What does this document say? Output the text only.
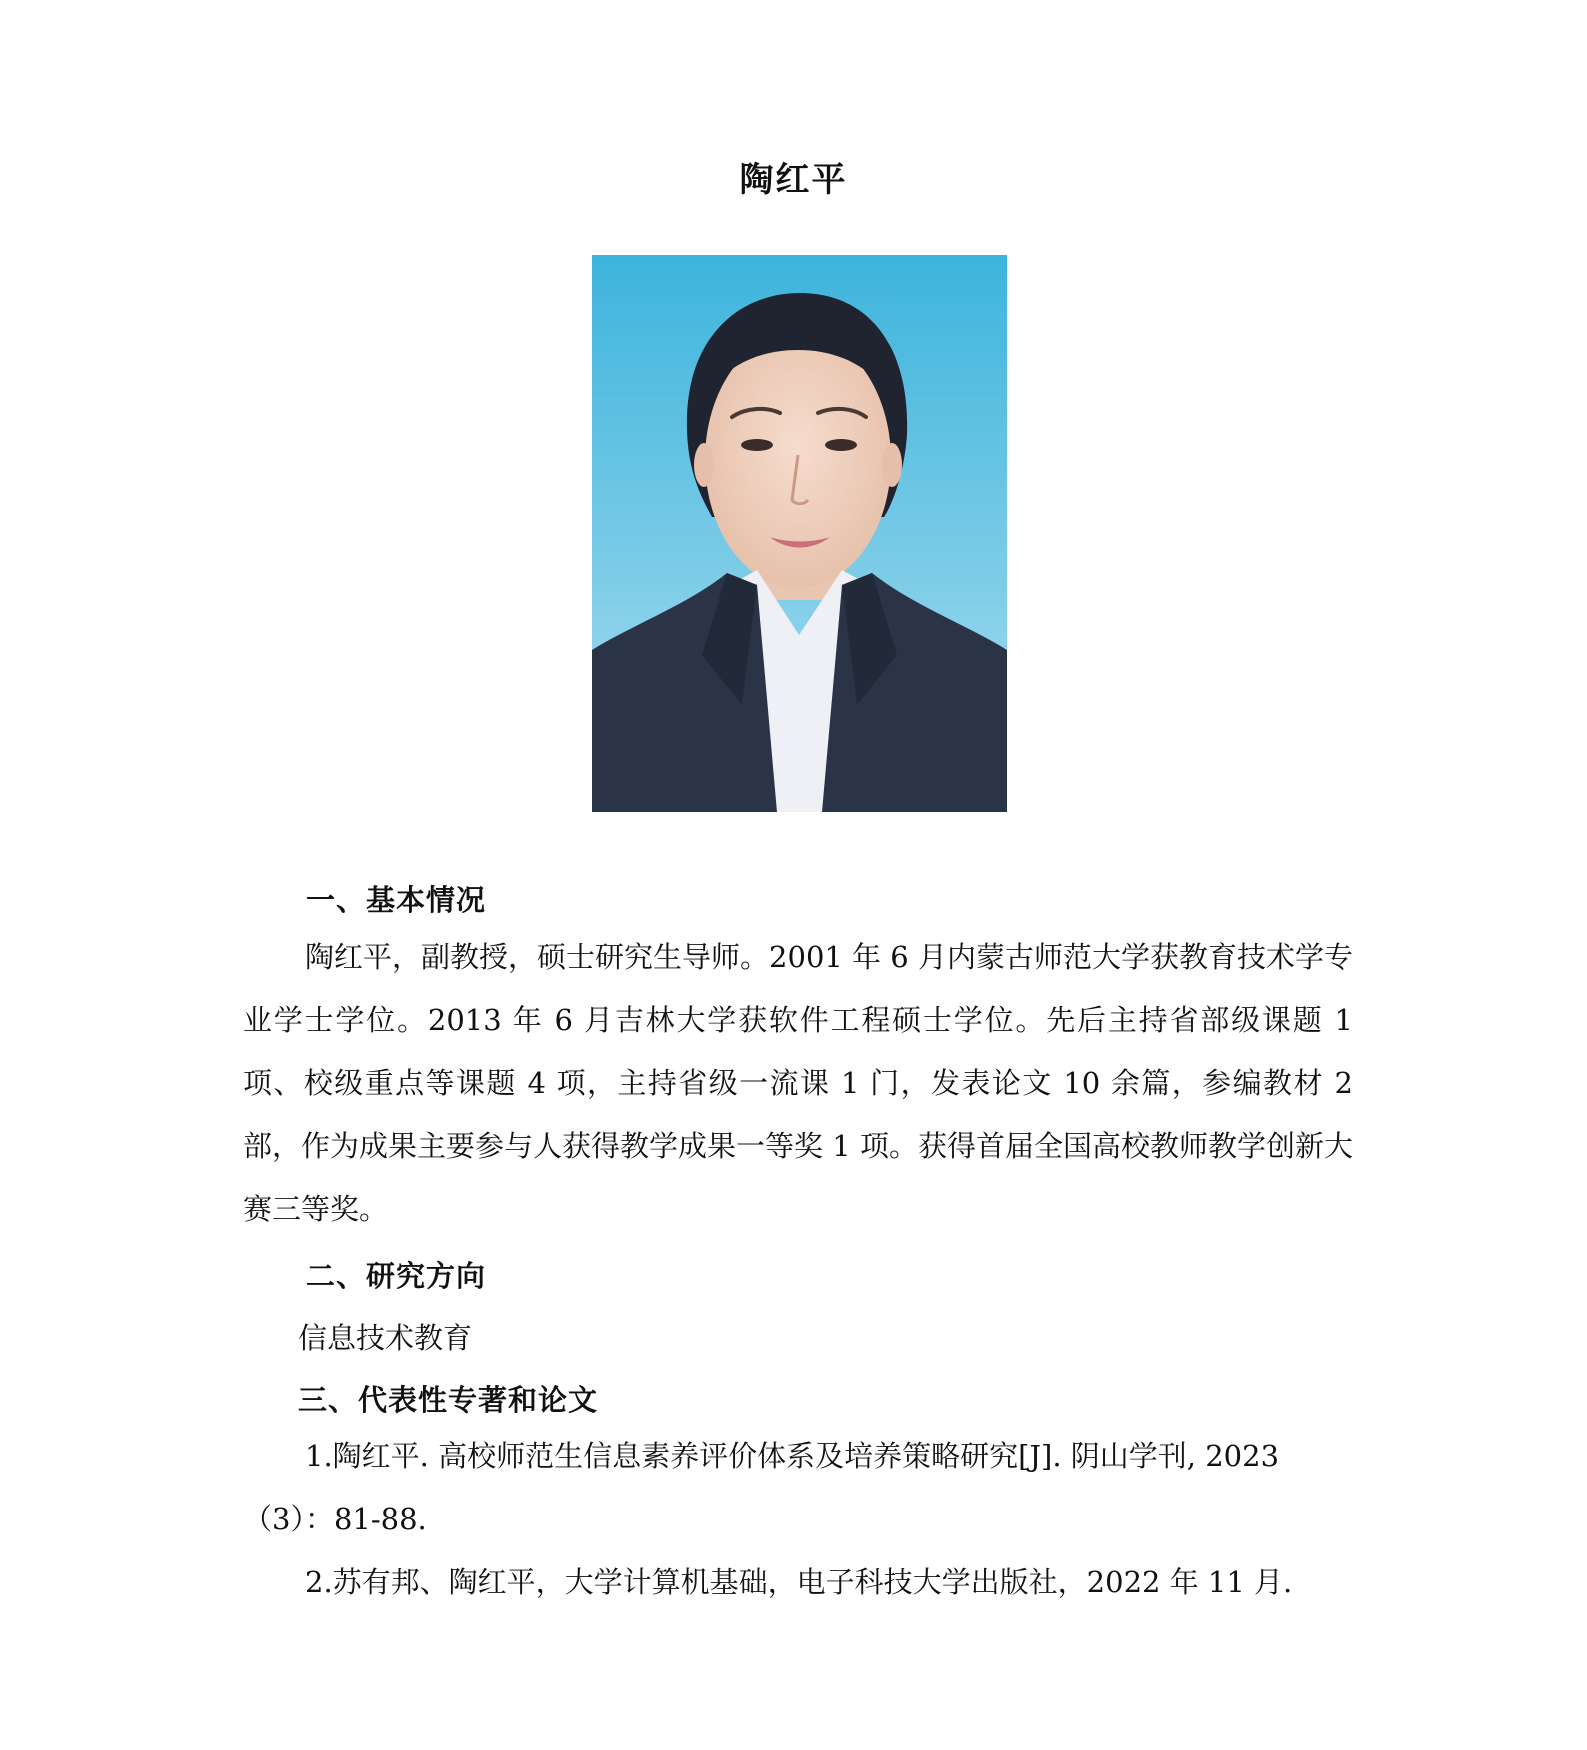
陶红平
一、基本情况
陶红平，副教授，硕士研究生导师。2001 年 6 月内蒙古师范大学获教育技术学专业学士学位。2013 年 6 月吉林大学获软件工程硕士学位。先后主持省部级课题 1 项、校级重点等课题 4 项，主持省级一流课 1 门，发表论文 10 余篇，参编教材 2 部，作为成果主要参与人获得教学成果一等奖 1 项。获得首届全国高校教师教学创新大赛三等奖。
二、研究方向
信息技术教育
三、代表性专著和论文
1.陶红平. 高校师范生信息素养评价体系及培养策略研究[J]. 阴山学刊, 2023（3）：81-88.
2.苏有邦、陶红平，大学计算机基础，电子科技大学出版社，2022 年 11 月.
